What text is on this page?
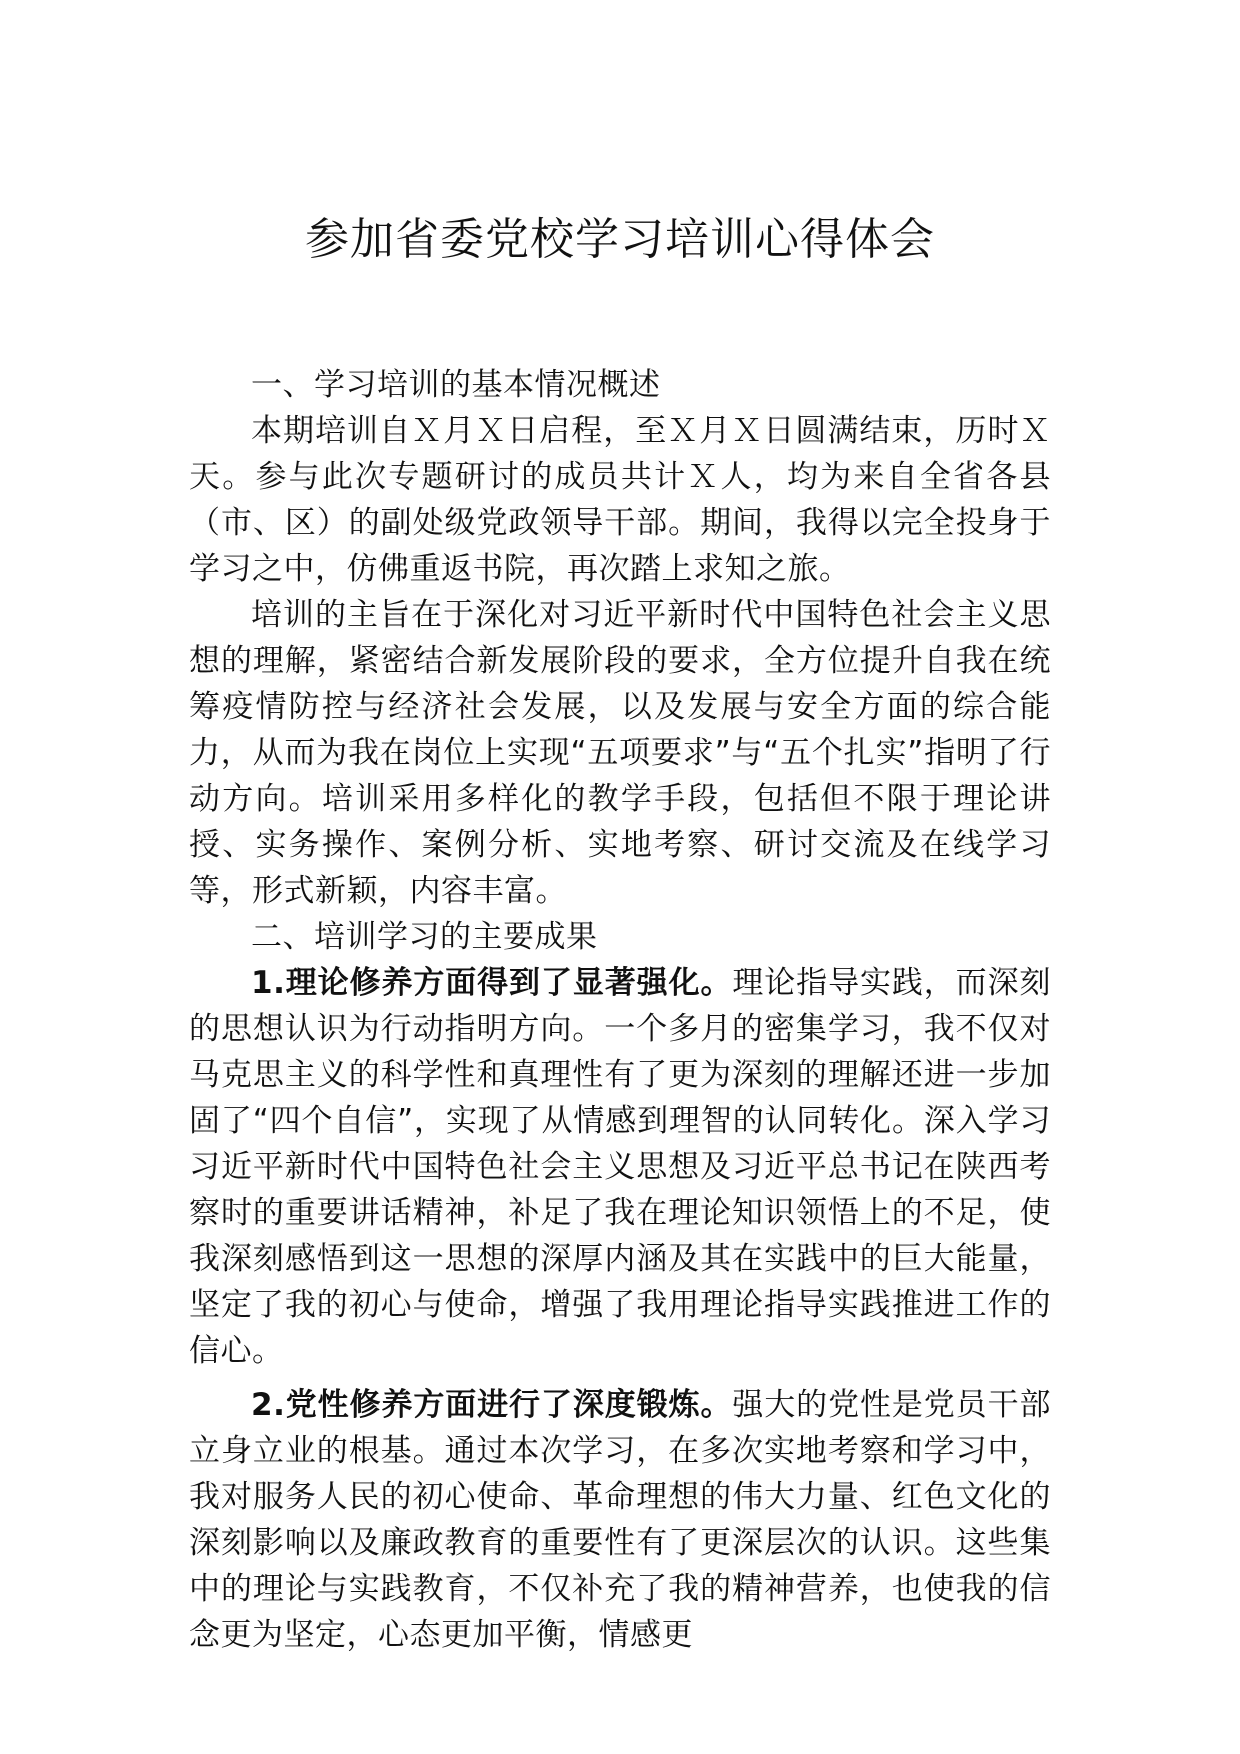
参加省委党校学习培训心得体会

一、学习培训的基本情况概述

本期培训自Ｘ月Ｘ日启程，至Ｘ月Ｘ日圆满结束，历时Ｘ天。参与此次专题研讨的成员共计Ｘ人，均为来自全省各县（市、区）的副处级党政领导干部。期间，我得以完全投身于学习之中，仿佛重返书院，再次踏上求知之旅。

培训的主旨在于深化对习近平新时代中国特色社会主义思想的理解，紧密结合新发展阶段的要求，全方位提升自我在统筹疫情防控与经济社会发展，以及发展与安全方面的综合能力，从而为我在岗位上实现“五项要求”与“五个扎实”指明了行动方向。培训采用多样化的教学手段，包括但不限于理论讲授、实务操作、案例分析、实地考察、研讨交流及在线学习等，形式新颖，内容丰富。

二、培训学习的主要成果

1.理论修养方面得到了显著强化。理论指导实践，而深刻的思想认识为行动指明方向。一个多月的密集学习，我不仅对马克思主义的科学性和真理性有了更为深刻的理解还进一步加固了“四个自信”，实现了从情感到理智的认同转化。深入学习习近平新时代中国特色社会主义思想及习近平总书记在陕西考察时的重要讲话精神，补足了我在理论知识领悟上的不足，使我深刻感悟到这一思想的深厚内涵及其在实践中的巨大能量，坚定了我的初心与使命，增强了我用理论指导实践推进工作的信心。

2.党性修养方面进行了深度锻炼。强大的党性是党员干部立身立业的根基。通过本次学习，在多次实地考察和学习中，我对服务人民的初心使命、革命理想的伟大力量、红色文化的深刻影响以及廉政教育的重要性有了更深层次的认识。这些集中的理论与实践教育，不仅补充了我的精神营养，也使我的信念更为坚定，心态更加平衡，情感更
